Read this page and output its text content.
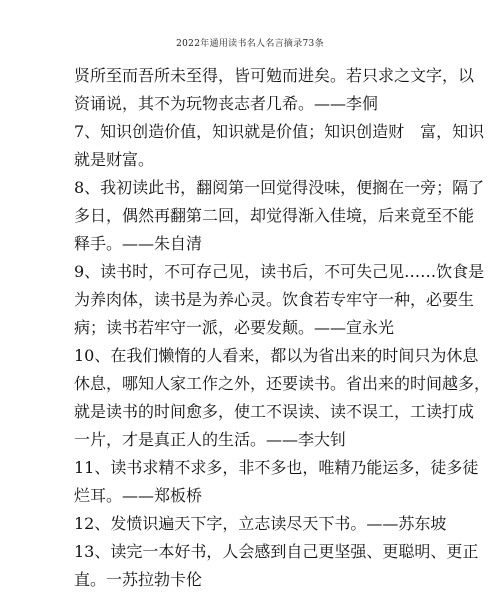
2022年通用读书名人名言摘录73条
贤所至而吾所未至得，皆可勉而进矣。若只求之文字，以
资诵说，其不为玩物丧志者几希。——李侗
7、知识创造价值，知识就是价值；知识创造财　富，知识
就是财富。
8、我初读此书，翻阅第一回觉得没味，便搁在一旁；隔了
多日，偶然再翻第二回，却觉得渐入佳境，后来竟至不能
释手。——朱自清
9、读书时，不可存己见，读书后，不可失己见……饮食是
为养肉体，读书是为养心灵。饮食若专牢守一种，必要生
病；读书若牢守一派，必要发颠。——宣永光
10、在我们懒惰的人看来，都以为省出来的时间只为休息
休息，哪知人家工作之外，还要读书。省出来的时间越多，
就是读书的时间愈多，使工不误读、读不误工，工读打成
一片，才是真正人的生活。——李大钊
11、读书求精不求多，非不多也，唯精乃能运多，徒多徒
烂耳。——郑板桥
12、发愤识遍天下字，立志读尽天下书。——苏东坡
13、读完一本好书，人会感到自己更坚强、更聪明、更正
直。一苏拉勃卡伦
